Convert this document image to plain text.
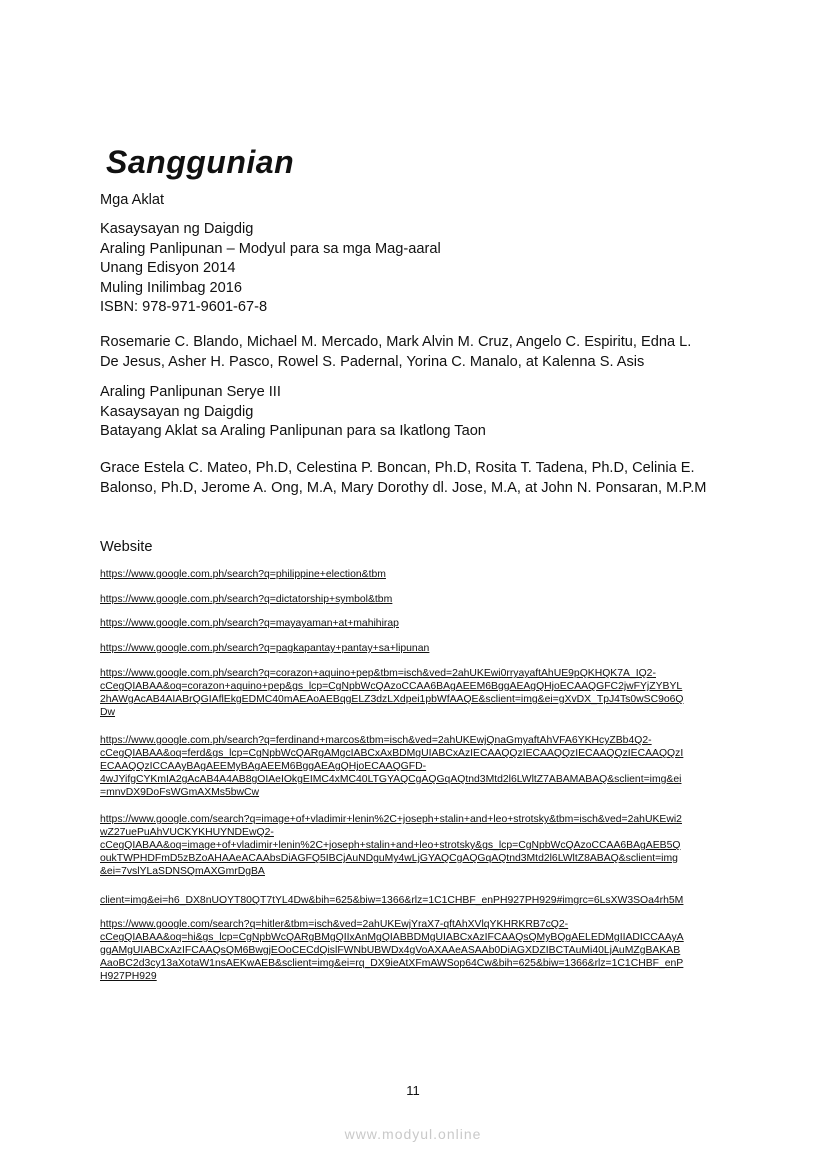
Sanggunian
Mga Aklat
Kasaysayan ng Daigdig
Araling Panlipunan – Modyul para sa mga Mag-aaral
Unang Edisyon 2014
Muling Inilimbag 2016
ISBN: 978-971-9601-67-8
Rosemarie C. Blando, Michael M. Mercado, Mark Alvin M. Cruz, Angelo C. Espiritu, Edna L.
De Jesus, Asher H. Pasco, Rowel S. Padernal, Yorina C. Manalo, at Kalenna S. Asis
Araling Panlipunan Serye III
Kasaysayan ng Daigdig
Batayang Aklat sa Araling Panlipunan para sa Ikatlong Taon
Grace Estela C. Mateo, Ph.D, Celestina P. Boncan, Ph.D, Rosita T. Tadena, Ph.D, Celinia E.
Balonso, Ph.D, Jerome A. Ong, M.A, Mary Dorothy dl. Jose, M.A, at John N. Ponsaran, M.P.M
Website
https://www.google.com.ph/search?q=philippine+election&tbm
https://www.google.com.ph/search?q=dictatorship+symbol&tbm
https://www.google.com.ph/search?q=mayayaman+at+mahihirap
https://www.google.com.ph/search?q=pagkapantay+pantay+sa+lipunan
https://www.google.com.ph/search?q=corazon+aquino+pep&tbm=isch&ved=2ahUKEwi0rryayaftAhUE9pQKHQK7A_IQ2-
cCegQIABAA&oq=corazon+aquino+pep&gs_lcp=CgNpbWcQAzoCCAA6BAgAEEM6BggAEAgQHjoECAAQGFC2jwFYjZYBYL
2hAWgAcAB4AIABrQGIAflEkgEDMC40mAEAoAEBqgELZ3dzLXdpei1pbWfAAQE&sclient=img&ei=gXvDX_TpJ4Ts0wSC9o6Q
Dw
https://www.google.com.ph/search?q=ferdinand+marcos&tbm=isch&ved=2ahUKEwjQnaGmyaftAhVFA6YKHcyZBb4Q2-
cCegQIABAA&oq=ferd&gs_lcp=CgNpbWcQARgAMgcIABCxAxBDMgUIABCxAzIECAAQQzIECAAQQzIECAAQQzIECAAQQzI
ECAAQQzICCAAyBAgAEEMyBAgAEEM6BggAEAgQHjoECAAQGFD-
4wJYifgCYKmIA2gAcAB4A4AB8gOIAeIOkgEIMC4xMC40LTGYAQCgAQGqAQtnd3Mtd2l6LWltZ7ABAMABAQ&sclient=img&ei
=mnvDX9DoFsWGmAXMs5bwCw
https://www.google.com/search?q=image+of+vladimir+lenin%2C+joseph+stalin+and+leo+strotsky&tbm=isch&ved=2ahUKEwi2
wZ27uePuAhVUCKYKHUYNDEwQ2-
cCegQIABAA&oq=image+of+vladimir+lenin%2C+joseph+stalin+and+leo+strotsky&gs_lcp=CgNpbWcQAzoCCAA6BAgAEB5Q
oukTWPHDFmD5zBZoAHAAeACAAbsDiAGFQ5IBCjAuNDguMy4wLjGYAQCgAQGqAQtnd3Mtd2l6LWltZ8ABAQ&sclient=img
&ei=7vslYLaSDNSQmAXGmrDgBA
client=img&ei=h6_DX8nUOYT80QT7tYL4Dw&bih=625&biw=1366&rlz=1C1CHBF_enPH927PH929#imgrc=6LsXW3SOa4rh5M
https://www.google.com/search?q=hitler&tbm=isch&ved=2ahUKEwjYraX7-qftAhXVlqYKHRKRB7cQ2-
cCegQIABAA&oq=hi&gs_lcp=CgNpbWcQARgBMgQIIxAnMgQIABBDMgUIABCxAzIFCAAQsQMyBQgAELEDMgIIADICCAAyA
ggAMgUIABCxAzIFCAAQsQM6BwgjEOoCECdQislFWNbUBWDx4gVoAXAAeASAAb0DiAGXDZIBCTAuMi40LjAuMZgBAKAB
AaoBC2d3cy13aXotaW1nsAEKwAEB&sclient=img&ei=rq_DX9ieAtXFmAWSop64Cw&bih=625&biw=1366&rlz=1C1CHBF_enP
H927PH929
11
www.modyul.online
